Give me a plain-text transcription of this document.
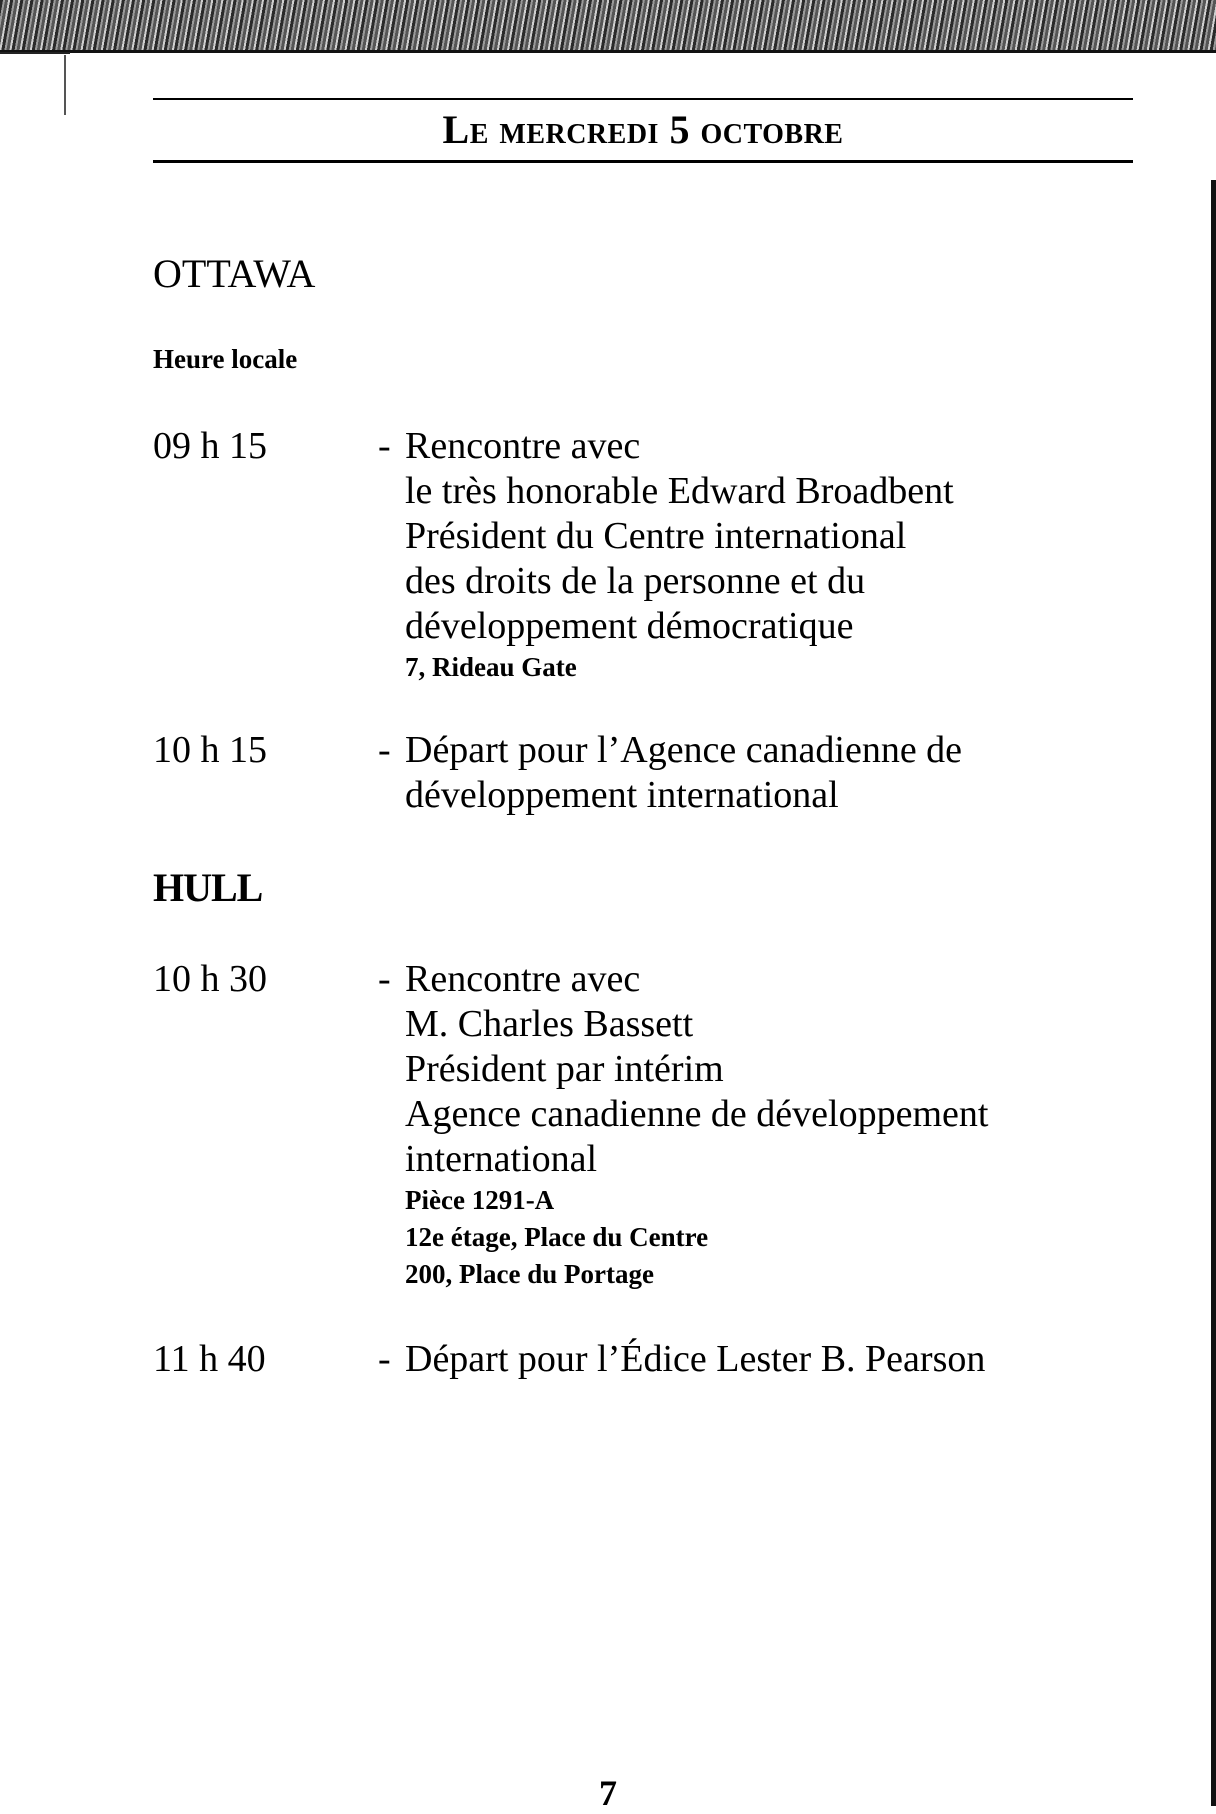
Le mercredi 5 octobre
OTTAWA
Heure locale
09 h 15	- Rencontre avec
le très honorable Edward Broadbent
Président du Centre international
des droits de la personne et du
développement démocratique
7, Rideau Gate
10 h 15	- Départ pour l’Agence canadienne de
développement international
HULL
10 h 30	- Rencontre avec
M. Charles Bassett
Président par intérim
Agence canadienne de développement
international
Pièce 1291-A
12e étage, Place du Centre
200, Place du Portage
11 h 40	- Départ pour l’Édice Lester B. Pearson
7
